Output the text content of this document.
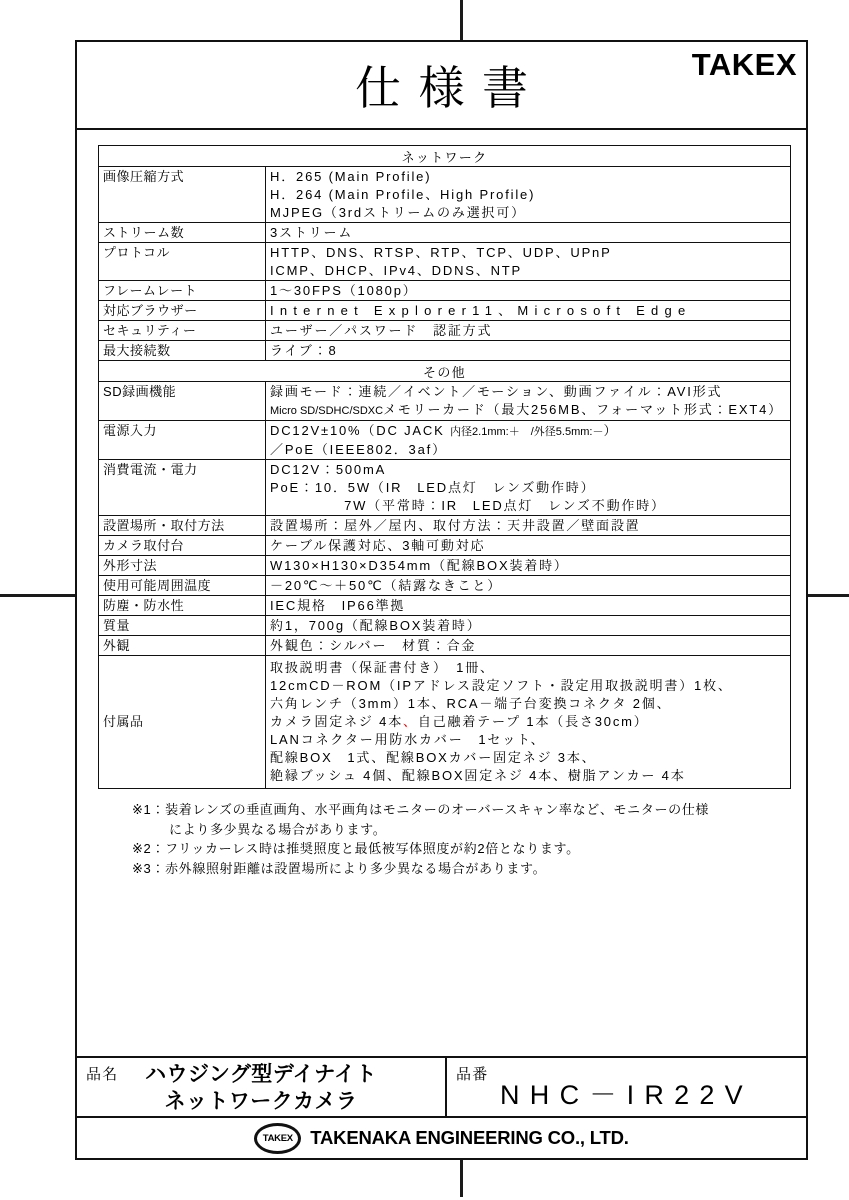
仕様書	TAKEX
ネットワーク	
画像圧縮方式	H．265 (Main Profile)
H．264 (Main Profile、High Profile)
MJPEG（3rdストリームのみ選択可）

ストリーム数	3ストリーム

プロトコル	HTTP、DNS、RTSP、RTP、TCP、UDP、UPnP
ICMP、DHCP、IPv4、DDNS、NTP

フレームレート	1～30FPS（1080p）

対応ブラウザー	Internet Explorer11、Microsoft Edge

セキュリティー	ユーザー／パスワード　認証方式

最大接続数	ライブ：8

その他	
SD録画機能	録画モード：連続／イベント／モーション、動画ファイル：AVI形式
Micro SD/SDHC/SDXCメモリーカード（最大256MB、フォーマット形式：EXT4）

電源入力	DC12V±10%（DC JACK 内径2.1mm:＋　/外径5.5mm:－）
／PoE（IEEE802．3af）

消費電流・電力	DC12V：500mA
PoE：10．5W（IR　LED点灯　レンズ動作時）
　　　　　7W（平常時：IR　LED点灯　レンズ不動作時）

設置場所・取付方法	設置場所：屋外／屋内、取付方法：天井設置／壁面設置

カメラ取付台	ケーブル保護対応、3軸可動対応

外形寸法	W130×H130×D354mm（配線BOX装着時）

使用可能周囲温度	－20℃～＋50℃（結露なきこと）

防塵・防水性	IEC規格　IP66準拠

質量	約1，700g（配線BOX装着時）

外観	外観色：シルバー　材質：合金

付属品	
取扱説明書（保証書付き）　1冊、
12cmCD－ROM（IPアドレス設定ソフト・設定用取扱説明書）1枚、
六角レンチ（3mm）1本、RCA－端子台変換コネクタ 2個、
カメラ固定ネジ 4本、自己融着テープ 1本（長さ30cm）
LANコネクター用防水カバー　1セット、
配線BOX　1式、配線BOXカバー固定ネジ 3本、
絶縁ブッシュ 4個、配線BOX固定ネジ 4本、樹脂アンカー 4本
※1：装着レンズの垂直画角、水平画角はモニターのオーバースキャン率など、モニターの仕様
により多少異なる場合があります。
※2：フリッカーレス時は推奨照度と最低被写体照度が約2倍となります。
※3：赤外線照射距離は設置場所により多少異なる場合があります。
品名 ハウジング型デイナイト
ネットワークカメラ
品番
NHC－IR22V
TAKEX TAKENAKA ENGINEERING CO., LTD.
